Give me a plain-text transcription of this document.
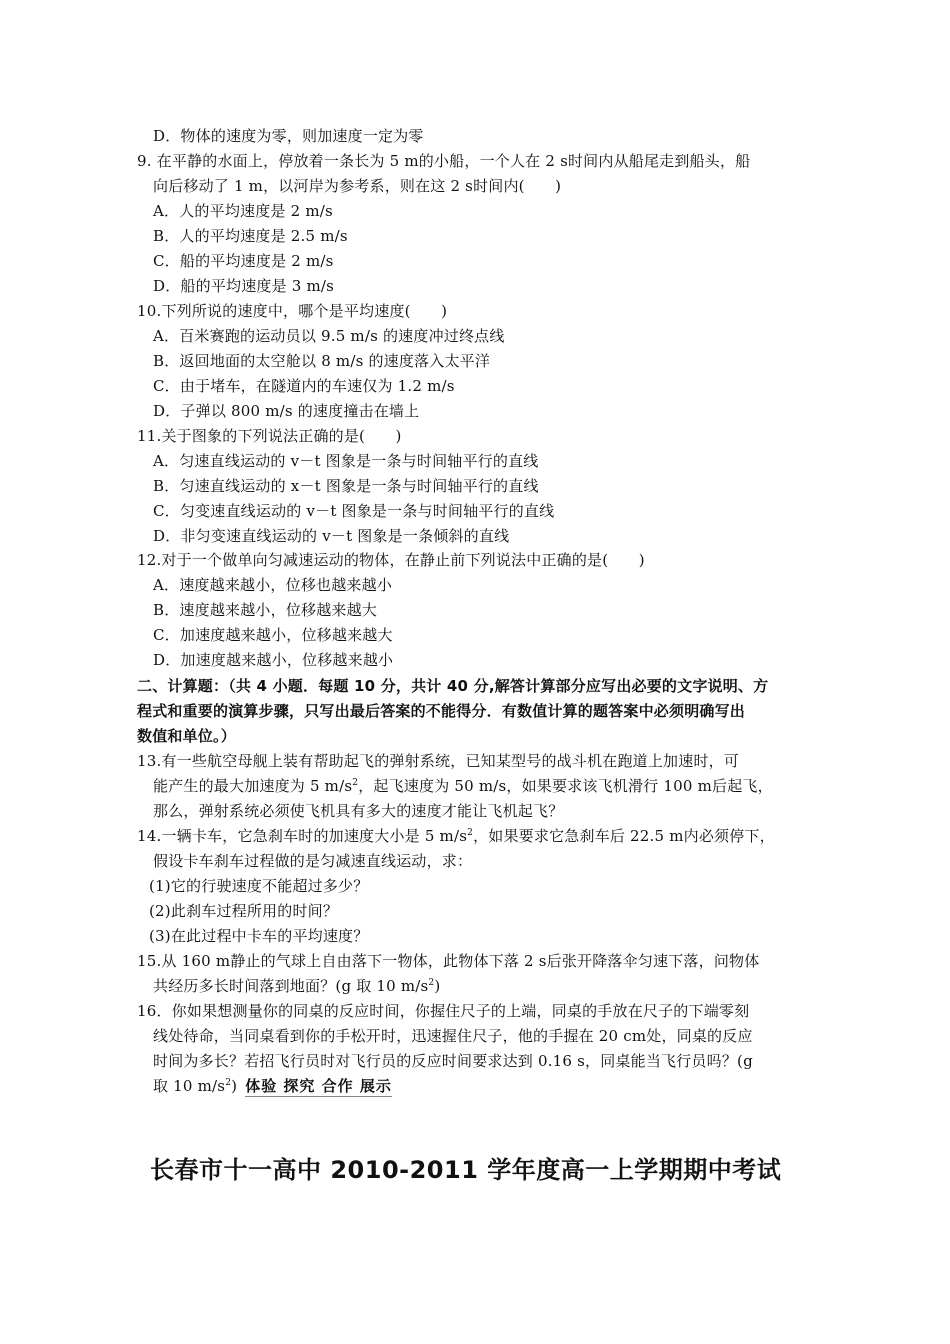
D．物体的速度为零，则加速度一定为零
9. 在平静的水面上，停放着一条长为 5 m的小船，一个人在 2 s时间内从船尾走到船头，船
向后移动了 1 m，以河岸为参考系，则在这 2 s时间内(　　)
A．人的平均速度是 2 m/s
B．人的平均速度是 2.5 m/s
C．船的平均速度是 2 m/s
D．船的平均速度是 3 m/s
10.下列所说的速度中，哪个是平均速度(　　)
A．百米赛跑的运动员以 9.5 m/s 的速度冲过终点线
B．返回地面的太空舱以 8 m/s 的速度落入太平洋
C．由于堵车，在隧道内的车速仅为 1.2 m/s
D．子弹以 800 m/s 的速度撞击在墙上
11.关于图象的下列说法正确的是(　　)
A．匀速直线运动的 v－t 图象是一条与时间轴平行的直线
B．匀速直线运动的 x－t 图象是一条与时间轴平行的直线
C．匀变速直线运动的 v－t 图象是一条与时间轴平行的直线
D．非匀变速直线运动的 v－t 图象是一条倾斜的直线
12.对于一个做单向匀减速运动的物体，在静止前下列说法中正确的是(　　)
A．速度越来越小，位移也越来越小
B．速度越来越小，位移越来越大
C．加速度越来越小，位移越来越大
D．加速度越来越小，位移越来越小
二、计算题：（共 4 小题．每题 10 分，共计 40 分,解答计算部分应写出必要的文字说明、方
程式和重要的演算步骤，只写出最后答案的不能得分．有数值计算的题答案中必须明确写出
数值和单位。）
13.有一些航空母舰上装有帮助起飞的弹射系统，已知某型号的战斗机在跑道上加速时，可
能产生的最大加速度为 5 $m/s^2$，起飞速度为 50 m/s，如果要求该飞机滑行 100 m后起飞，
那么，弹射系统必须使飞机具有多大的速度才能让飞机起飞？
14.一辆卡车，它急刹车时的加速度大小是 5 $m/s^2$，如果要求它急刹车后 22.5 m内必须停下，
假设卡车刹车过程做的是匀减速直线运动，求：
(1)它的行驶速度不能超过多少？
(2)此刹车过程所用的时间？
(3)在此过程中卡车的平均速度？
15.从 160 m静止的气球上自由落下一物体，此物体下落 2 s后张开降落伞匀速下落，问物体
共经历多长时间落到地面？(g 取 10 $m/s^2$)
16．你如果想测量你的同桌的反应时间，你握住尺子的上端，同桌的手放在尺子的下端零刻
线处待命，当同桌看到你的手松开时，迅速握住尺子，他的手握在 20 cm处，同桌的反应
时间为多长？若招飞行员时对飞行员的反应时间要求达到 0.16 s，同桌能当飞行员吗？(g
取 10 $m/s^2$) 体验 探究 合作 展示
长春市十一高中 2010-2011 学年度高一上学期期中考试
